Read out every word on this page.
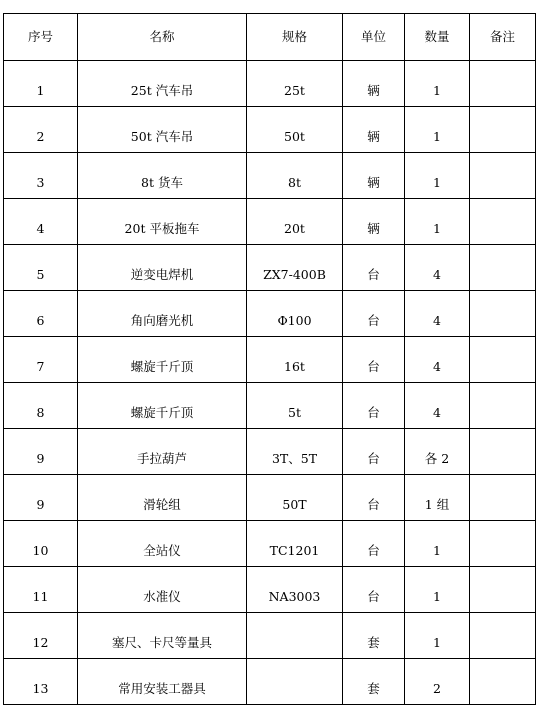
序号	名称	规格	单位	数量	备注
1	25t 汽车吊	25t	辆	1	
2	50t 汽车吊	50t	辆	1	
3	8t 货车	8t	辆	1	
4	20t 平板拖车	20t	辆	1	
5	逆变电焊机	ZX7-400B	台	4	
6	角向磨光机	Φ100	台	4	
7	螺旋千斤顶	16t	台	4	
8	螺旋千斤顶	5t	台	4	
9	手拉葫芦	3T、5T	台	各 2	
9	滑轮组	50T	台	1 组	
10	全站仪	TC1201	台	1	
11	水准仪	NA3003	台	1	
12	塞尺、卡尺等量具		套	1	
13	常用安装工器具		套	2	
